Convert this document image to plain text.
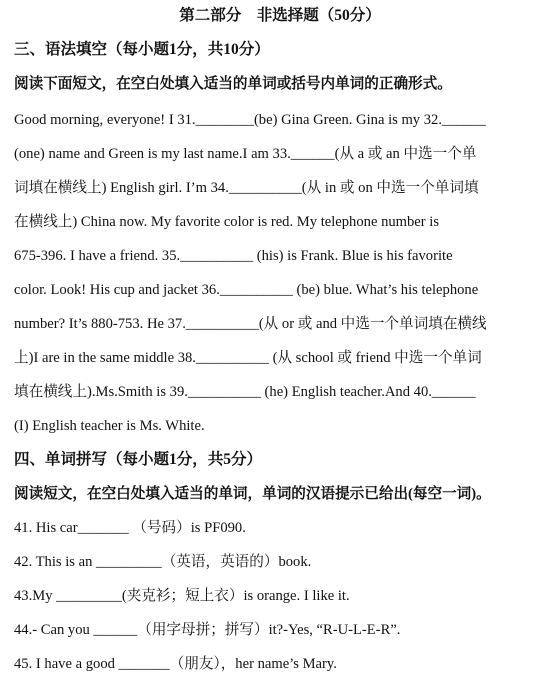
第二部分　非选择题（50分）
三、语法填空（每小题1分，共10分）
阅读下面短文，在空白处填入适当的单词或括号内单词的正确形式。
Good morning, everyone! I 31.________(be) Gina Green. Gina is my 32.______
(one) name and Green is my last name.I am 33.______(从 a 或 an 中选一个单
词填在横线上) English girl. I’m 34.__________(从 in 或 on 中选一个单词填
在横线上) China now. My favorite color is red. My telephone number is
675-396. I have a friend. 35.__________ (his) is Frank. Blue is his favorite
color. Look! His cup and jacket 36.__________ (be) blue. What’s his telephone
number? It’s 880-753. He 37.__________(从 or 或 and 中选一个单词填在横线
上)I are in the same middle 38.__________ (从 school 或 friend 中选一个单词
填在横线上).Ms.Smith is 39.__________ (he) English teacher.And 40.______
(I) English teacher is Ms. White.
四、单词拼写（每小题1分，共5分）
阅读短文，在空白处填入适当的单词，单词的汉语提示已给出(每空一词)。
41. His car_______ （号码）is PF090.
42. This is an _________（英语，英语的）book.
43.My _________(夹克衫；短上衣）is orange. I like it.
44.- Can you ______（用字母拼；拼写）it?-Yes, “R-U-L-E-R”.
45. I have a good _______（朋友），her name’s Mary.
